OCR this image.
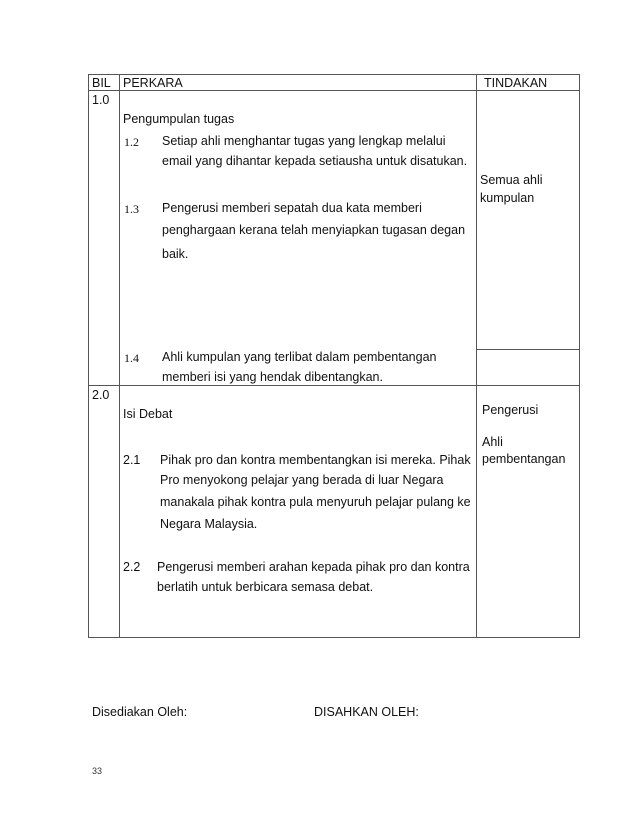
BIL PERKARA	TINDAKAN
1.0
Pengumpulan tugas
1.2 Setiap ahli menghantar tugas yang lengkap melalui
email yang dihantar kepada setiausha untuk disatukan.
1.3 Pengerusi memberi sepatah dua kata memberi
penghargaan kerana telah menyiapkan tugasan degan
baik.
1.4 Ahli kumpulan yang terlibat dalam pembentangan
memberi isi yang hendak dibentangkan.
Semua ahli
kumpulan
2.0
Isi Debat
2.1 Pihak pro dan kontra membentangkan isi mereka. Pihak
Pro menyokong pelajar yang berada di luar Negara
manakala pihak kontra pula menyuruh pelajar pulang ke
Negara Malaysia.
2.2 Pengerusi memberi arahan kepada pihak pro dan kontra
berlatih untuk berbicara semasa debat.
Pengerusi
Ahli
pembentangan
Disediakan Oleh:	DISAHKAN OLEH:
33
